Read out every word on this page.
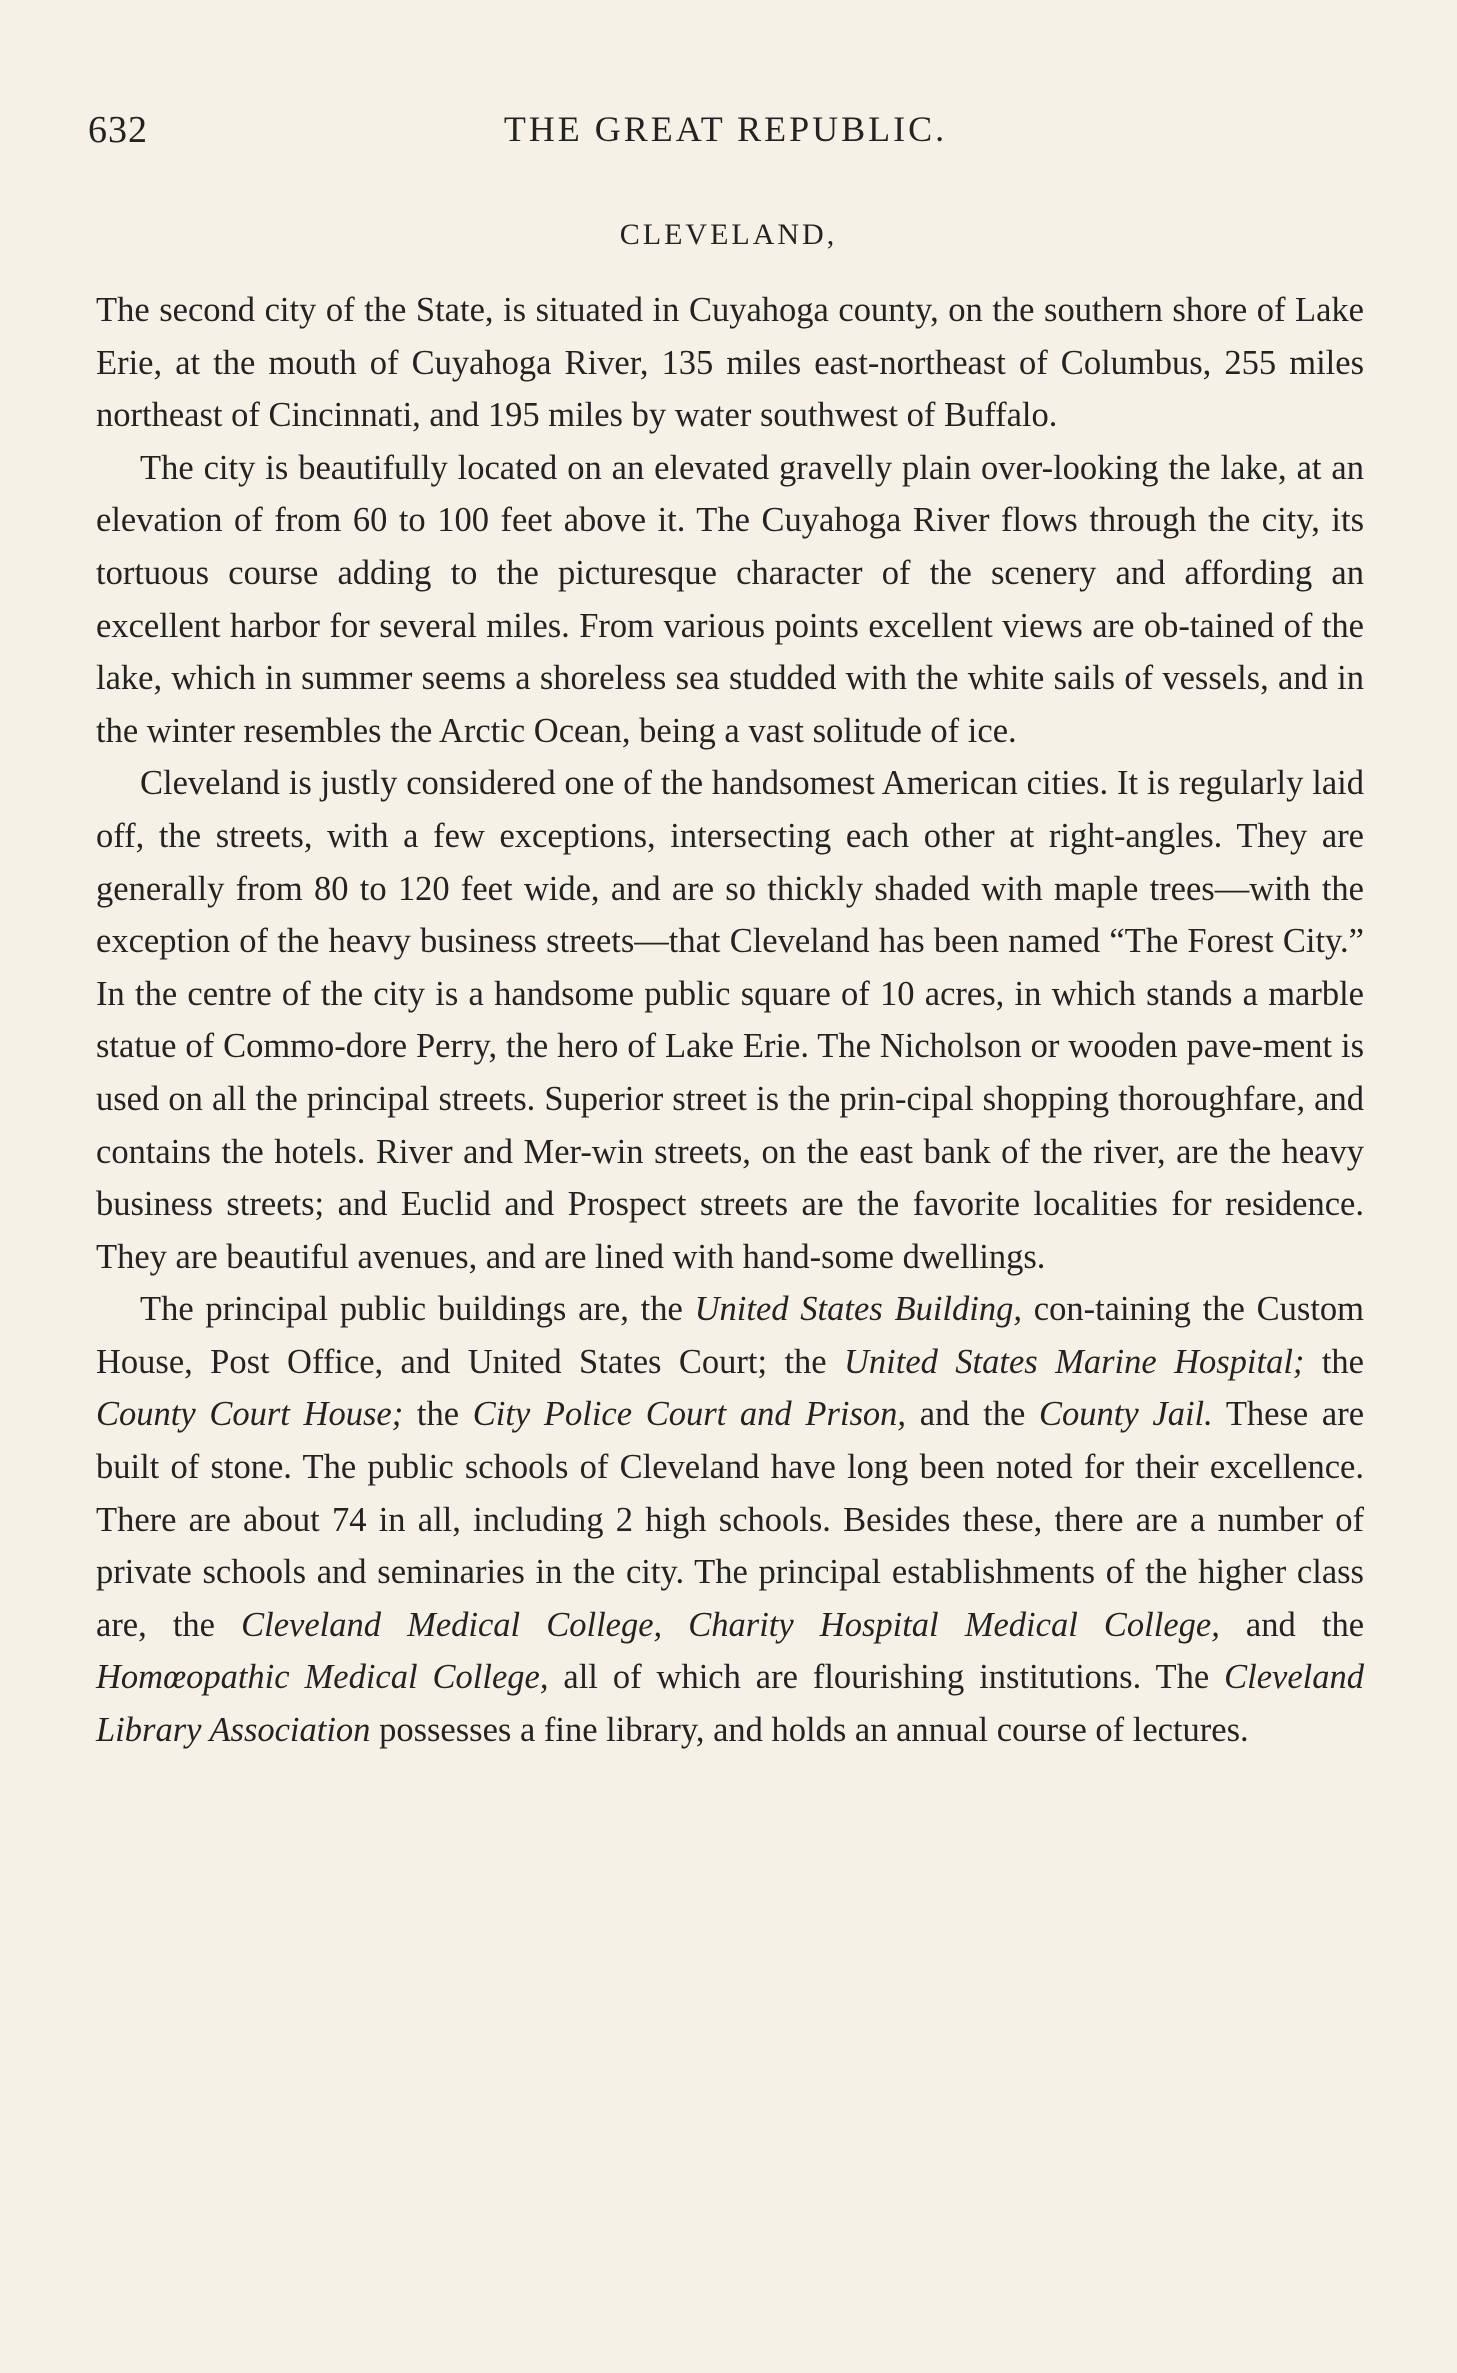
632	THE GREAT REPUBLIC.
CLEVELAND,

The second city of the State, is situated in Cuyahoga county, on the southern shore of Lake Erie, at the mouth of Cuyahoga River, 135 miles east-northeast of Columbus, 255 miles northeast of Cincinnati, and 195 miles by water southwest of Buffalo.

The city is beautifully located on an elevated gravelly plain over-looking the lake, at an elevation of from 60 to 100 feet above it. The Cuyahoga River flows through the city, its tortuous course adding to the picturesque character of the scenery and affording an excellent harbor for several miles. From various points excellent views are ob-tained of the lake, which in summer seems a shoreless sea studded with the white sails of vessels, and in the winter resembles the Arctic Ocean, being a vast solitude of ice.

Cleveland is justly considered one of the handsomest American cities. It is regularly laid off, the streets, with a few exceptions, intersecting each other at right-angles. They are generally from 80 to 120 feet wide, and are so thickly shaded with maple trees—with the exception of the heavy business streets—that Cleveland has been named “The Forest City.” In the centre of the city is a handsome public square of 10 acres, in which stands a marble statue of Commo-dore Perry, the hero of Lake Erie. The Nicholson or wooden pave-ment is used on all the principal streets. Superior street is the prin-cipal shopping thoroughfare, and contains the hotels. River and Mer-win streets, on the east bank of the river, are the heavy business streets; and Euclid and Prospect streets are the favorite localities for residence. They are beautiful avenues, and are lined with hand-some dwellings.

The principal public buildings are, the United States Building, con-taining the Custom House, Post Office, and United States Court; the United States Marine Hospital; the County Court House; the City Police Court and Prison, and the County Jail. These are built of stone. The public schools of Cleveland have long been noted for their excellence. There are about 74 in all, including 2 high schools. Besides these, there are a number of private schools and seminaries in the city. The principal establishments of the higher class are, the Cleveland Medical College, Charity Hospital Medical College, and the Homœopathic Medical College, all of which are flourishing institutions. The Cleveland Library Association possesses a fine library, and holds an annual course of lectures.
